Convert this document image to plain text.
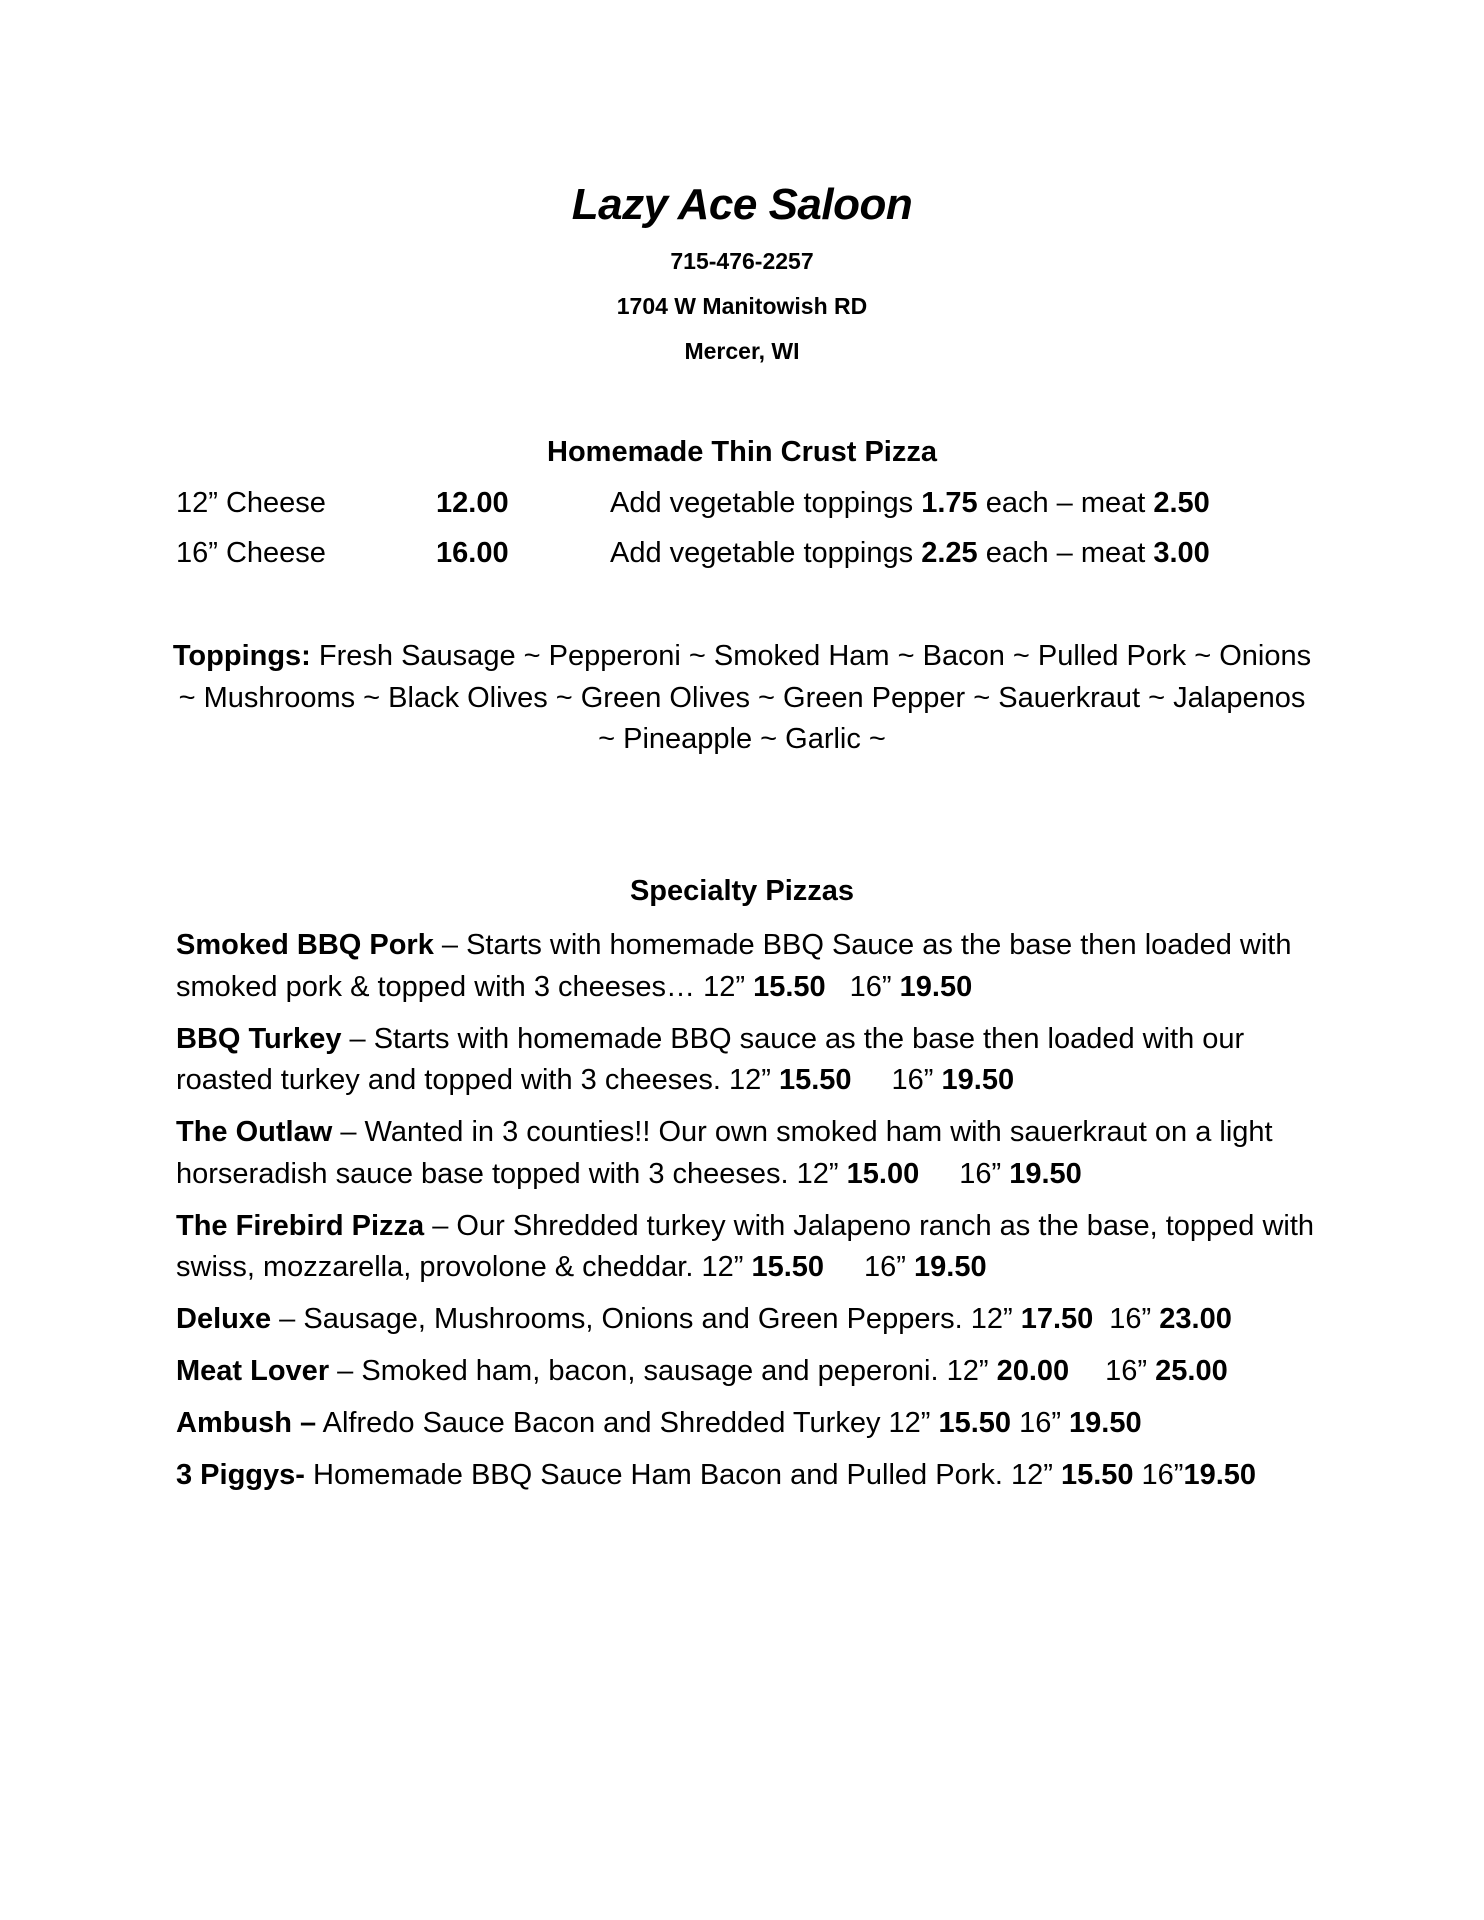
Lazy Ace Saloon
715-476-2257
1704 W Manitowish RD
Mercer, WI
Homemade Thin Crust Pizza
12” Cheese	12.00	Add vegetable toppings 1.75 each – meat 2.50
16” Cheese	16.00	Add vegetable toppings 2.25 each – meat 3.00
Toppings: Fresh Sausage ~ Pepperoni ~ Smoked Ham ~ Bacon ~ Pulled Pork ~ Onions ~ Mushrooms ~ Black Olives ~ Green Olives ~ Green Pepper ~ Sauerkraut ~ Jalapenos ~ Pineapple ~ Garlic ~
Specialty Pizzas
Smoked BBQ Pork – Starts with homemade BBQ Sauce as the base then loaded with smoked pork & topped with 3 cheeses… 12” 15.50 16” 19.50
BBQ Turkey – Starts with homemade BBQ sauce as the base then loaded with our roasted turkey and topped with 3 cheeses. 12” 15.50 16” 19.50
The Outlaw – Wanted in 3 counties!! Our own smoked ham with sauerkraut on a light horseradish sauce base topped with 3 cheeses. 12” 15.00 16” 19.50
The Firebird Pizza – Our Shredded turkey with Jalapeno ranch as the base, topped with swiss, mozzarella, provolone & cheddar. 12” 15.50 16” 19.50
Deluxe – Sausage, Mushrooms, Onions and Green Peppers. 12” 17.50 16” 23.00
Meat Lover – Smoked ham, bacon, sausage and peperoni. 12” 20.00 16” 25.00
Ambush – Alfredo Sauce Bacon and Shredded Turkey 12” 15.50 16” 19.50
3 Piggys- Homemade BBQ Sauce Ham Bacon and Pulled Pork. 12” 15.50 16”19.50
